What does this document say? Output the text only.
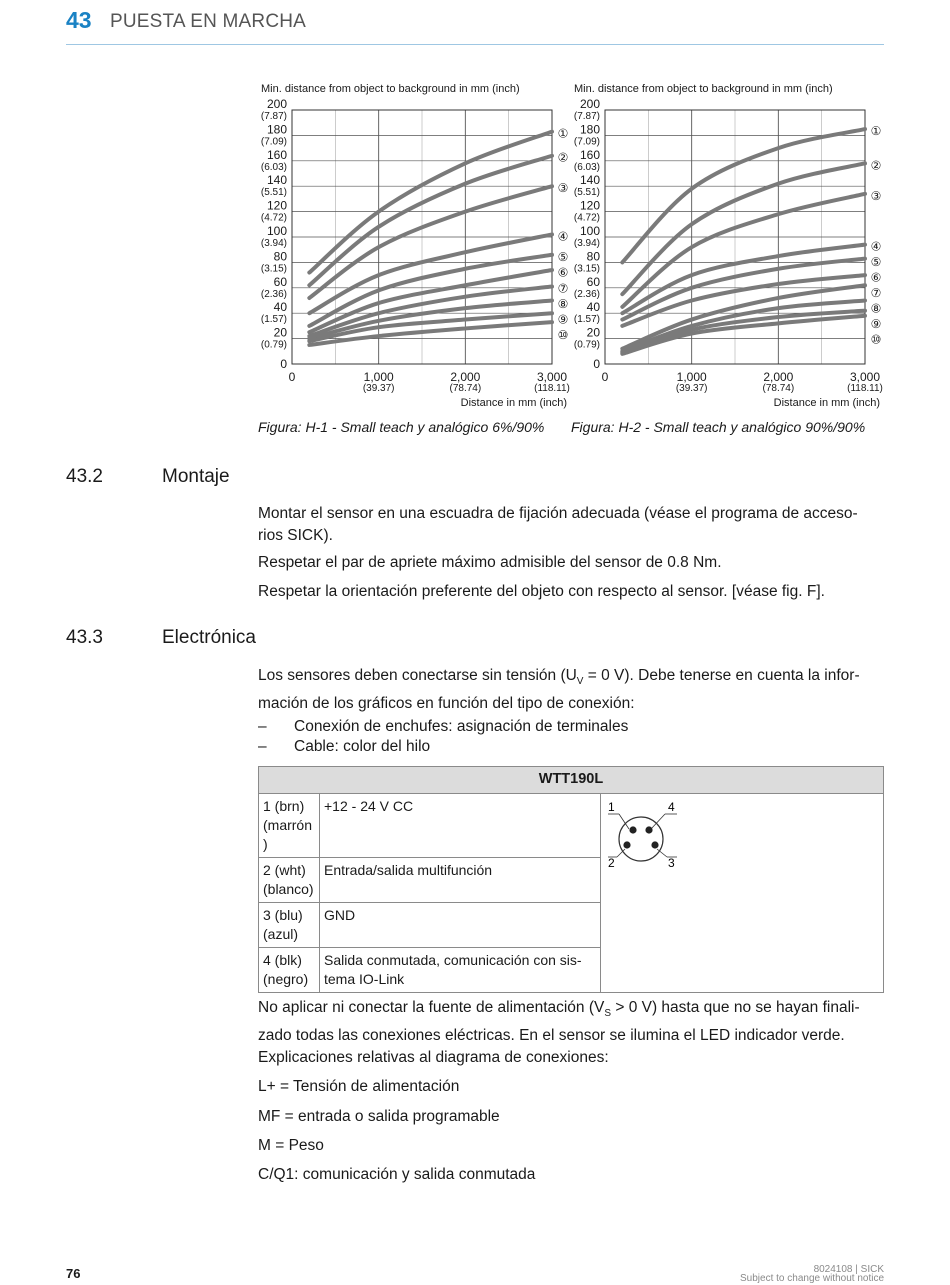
43 PUESTA EN MARCHA
Min. distance from object to background in mm (inch)
200
(7.87)
180
(7.09)
160
(6.03)
140
(5.51)
120
(4.72)
100
(3.94)
80
(3.15)
60
(2.36)
40
(1.57)
20
(0.79)
0
0	1,000
(39.37)
2,000
(78.74)
3,000
(118.11)
Distance in mm (inch)
①
②
③
④
⑤
⑥
⑦
⑧
⑨
⑩
Figura: H-1 - Small teach y analógico 6%/90%
Min. distance from object to background in mm (inch)
200
(7.87)
180
(7.09)
160
(6.03)
140
(5.51)
120
(4.72)
100
(3.94)
80
(3.15)
60
(2.36)
40
(1.57)
20
(0.79)
0
0	1,000
(39.37)
2,000
(78.74)
3,000
(118.11)
Distance in mm (inch)
①
②
③
④
⑤
⑥
⑦
⑧
⑨
⑩
Figura: H-2 - Small teach y analógico 90%/90%
43.2	Montaje
Montar el sensor en una escuadra de fijación adecuada (véase el programa de acceso-
rios SICK).
Respetar el par de apriete máximo admisible del sensor de 0.8 Nm.
Respetar la orientación preferente del objeto con respecto al sensor. [véase fig. F].
43.3	Electrónica
Los sensores deben conectarse sin tensión ($U_V = 0$ V). Debe tenerse en cuenta la infor-
mación de los gráficos en función del tipo de conexión:
– Conexión de enchufes: asignación de terminales
– Cable: color del hilo
WTT190L		
1 (brn) (marrón )	+12 - 24 V CC	1 4
2 3

2 (wht) (blanco)	Entrada/salida multifunción	
3 (blu) (azul)	GND	
4 (blk) (negro)	Salida conmutada, comunicación con sis- tema IO-Link	
No aplicar ni conectar la fuente de alimentación ($V_S > 0$ V) hasta que no se hayan finali-
zado todas las conexiones eléctricas. En el sensor se ilumina el LED indicador verde.
Explicaciones relativas al diagrama de conexiones:
L+ = Tensión de alimentación
MF = entrada o salida programable
M = Peso
C/Q1: comunicación y salida conmutada
76	8024108 | SICK
Subject to change without notice
